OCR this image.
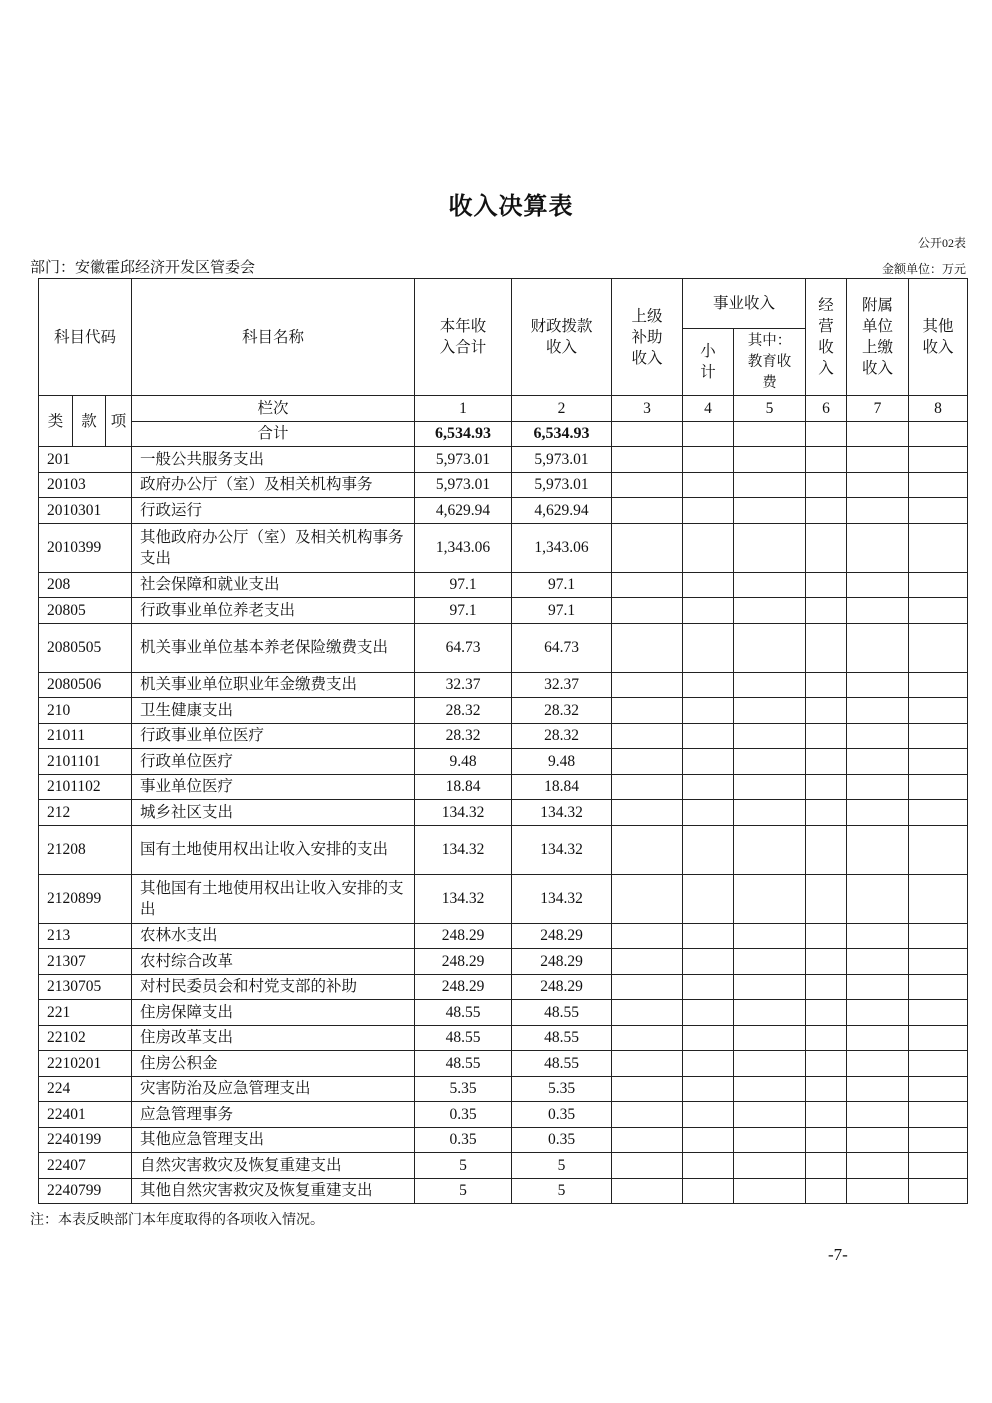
收入决算表
公开02表
部门：安徽霍邱经济开发区管委会	金额单位：万元
科目代码			科目名称	本年收入合计	财政拨款收入	上级补助收入	事业收入		经营收入	附属单位上缴收入	其他收入
							小计	其中：教育收费			
类	款	项	栏次	1	2	3	4	5	6	7	8
			合计	6,534.93	6,534.93						
201			一般公共服务支出	5,973.01	5,973.01						
20103			政府办公厅（室）及相关机构事务	5,973.01	5,973.01						
2010301			行政运行	4,629.94	4,629.94						
2010399			其他政府办公厅（室）及相关机构事务支出	1,343.06	1,343.06						
208			社会保障和就业支出	97.1	97.1						
20805			行政事业单位养老支出	97.1	97.1						
2080505			机关事业单位基本养老保险缴费支出	64.73	64.73						
2080506			机关事业单位职业年金缴费支出	32.37	32.37						
210			卫生健康支出	28.32	28.32						
21011			行政事业单位医疗	28.32	28.32						
2101101			行政单位医疗	9.48	9.48						
2101102			事业单位医疗	18.84	18.84						
212			城乡社区支出	134.32	134.32						
21208			国有土地使用权出让收入安排的支出	134.32	134.32						
2120899			其他国有土地使用权出让收入安排的支出	134.32	134.32						
213			农林水支出	248.29	248.29						
21307			农村综合改革	248.29	248.29						
2130705			对村民委员会和村党支部的补助	248.29	248.29						
221			住房保障支出	48.55	48.55						
22102			住房改革支出	48.55	48.55						
2210201			住房公积金	48.55	48.55						
224			灾害防治及应急管理支出	5.35	5.35						
22401			应急管理事务	0.35	0.35						
2240199			其他应急管理支出	0.35	0.35						
22407			自然灾害救灾及恢复重建支出	5	5						
2240799			其他自然灾害救灾及恢复重建支出	5	5						
注：本表反映部门本年度取得的各项收入情况。
-7-
